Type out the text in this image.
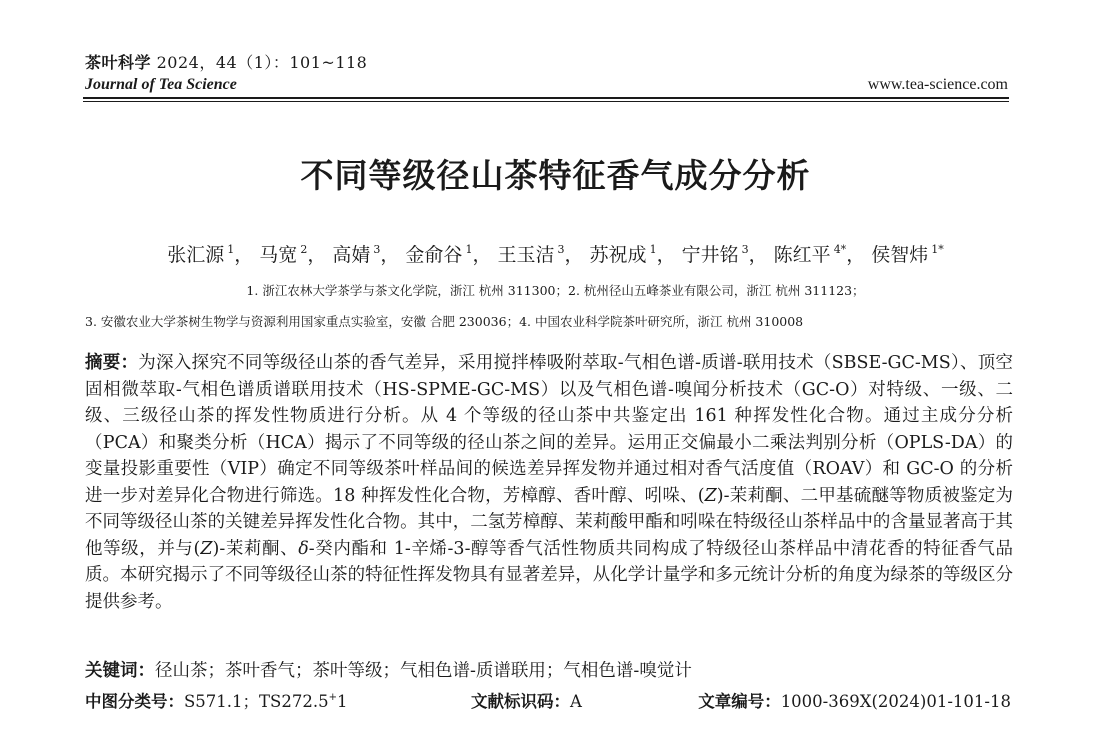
茶叶科学 2024，44（1）：101~118
Journal of Tea Science	www.tea-science.com
不同等级径山茶特征香气成分分析
张汇源 $^1$， 马宽 $^2$， 高婧 $^3$， 金俞谷 $^1$， 王玉洁 $^3$， 苏祝成 $^1$， 宁井铭 $^3$， 陈红平 $^{4*}$， 侯智炜 $^{1*}$
1. 浙江农林大学茶学与茶文化学院，浙江 杭州 311300；2. 杭州径山五峰茶业有限公司，浙江 杭州 311123；
3. 安徽农业大学茶树生物学与资源利用国家重点实验室，安徽 合肥 230036；4. 中国农业科学院茶叶研究所，浙江 杭州 310008
摘要：为深入探究不同等级径山茶的香气差异，采用搅拌棒吸附萃取-气相色谱-质谱-联用技术（SBSE-GC-MS）、顶空固相微萃取-气相色谱质谱联用技术（HS-SPME-GC-MS）以及气相色谱-嗅闻分析技术（GC-O）对特级、一级、二级、三级径山茶的挥发性物质进行分析。从 4 个等级的径山茶中共鉴定出 161 种挥发性化合物。通过主成分分析（PCA）和聚类分析（HCA）揭示了不同等级的径山茶之间的差异。运用正交偏最小二乘法判别分析（OPLS-DA）的变量投影重要性（VIP）确定不同等级茶叶样品间的候选差异挥发物并通过相对香气活度值（ROAV）和 GC-O 的分析进一步对差异化合物进行筛选。18 种挥发性化合物，芳樟醇、香叶醇、吲哚、(Z)-茉莉酮、二甲基硫醚等物质被鉴定为不同等级径山茶的关键差异挥发性化合物。其中，二氢芳樟醇、茉莉酸甲酯和吲哚在特级径山茶样品中的含量显著高于其他等级，并与(Z)-茉莉酮、δ-癸内酯和 1-辛烯-3-醇等香气活性物质共同构成了特级径山茶样品中清花香的特征香气品质。本研究揭示了不同等级径山茶的特征性挥发物具有显著差异，从化学计量学和多元统计分析的角度为绿茶的等级区分提供参考。
关键词：径山茶；茶叶香气；茶叶等级；气相色谱-质谱联用；气相色谱-嗅觉计
中图分类号：S571.1；TS272.5+1	文献标识码：A	文章编号：1000-369X(2024)01-101-18
